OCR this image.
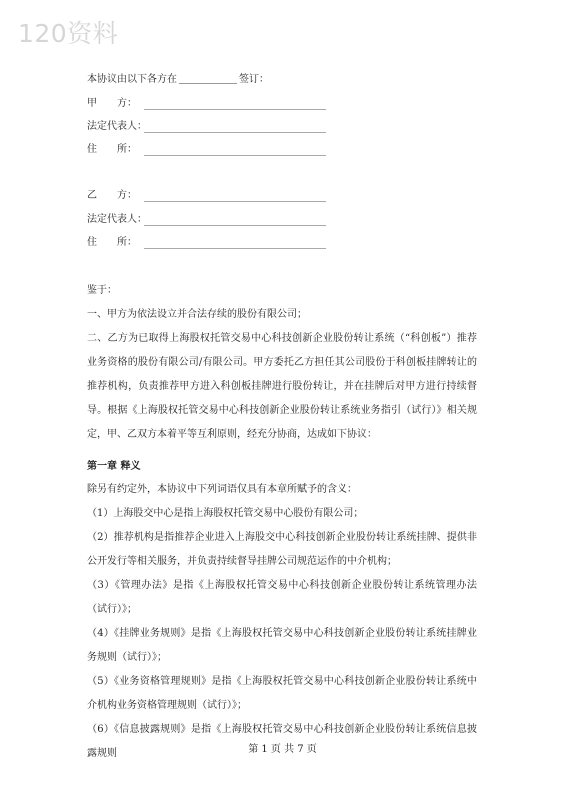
120资料
本协议由以下各方在	签订：
甲　　方：
法定代表人：
住　　所：
乙　　方：
法定代表人：
住　　所：

鉴于：

一、甲方为依法设立并合法存续的股份有限公司；

二、乙方为已取得上海股权托管交易中心科技创新企业股份转让系统（“科创板”）推荐业务资格的股份有限公司/有限公司。甲方委托乙方担任其公司股份于科创板挂牌转让的推荐机构，负责推荐甲方进入科创板挂牌进行股份转让，并在挂牌后对甲方进行持续督导。根据《上海股权托管交易中心科技创新企业股份转让系统业务指引（试行）》相关规定，甲、乙双方本着平等互利原则，经充分协商，达成如下协议：

第一章 释义

除另有约定外，本协议中下列词语仅具有本章所赋予的含义：

（1）上海股交中心是指上海股权托管交易中心股份有限公司；

（2）推荐机构是指推荐企业进入上海股交中心科技创新企业股份转让系统挂牌、提供非公开发行等相关服务，并负责持续督导挂牌公司规范运作的中介机构；

（3）《管理办法》是指《上海股权托管交易中心科技创新企业股份转让系统管理办法（试行）》；

（4）《挂牌业务规则》是指《上海股权托管交易中心科技创新企业股份转让系统挂牌业务规则（试行）》；

（5）《业务资格管理规则》是指《上海股权托管交易中心科技创新企业股份转让系统中介机构业务资格管理规则（试行）》；

（6）《信息披露规则》是指《上海股权托管交易中心科技创新企业股份转让系统信息披露规则	第 1 页 共 7 页
